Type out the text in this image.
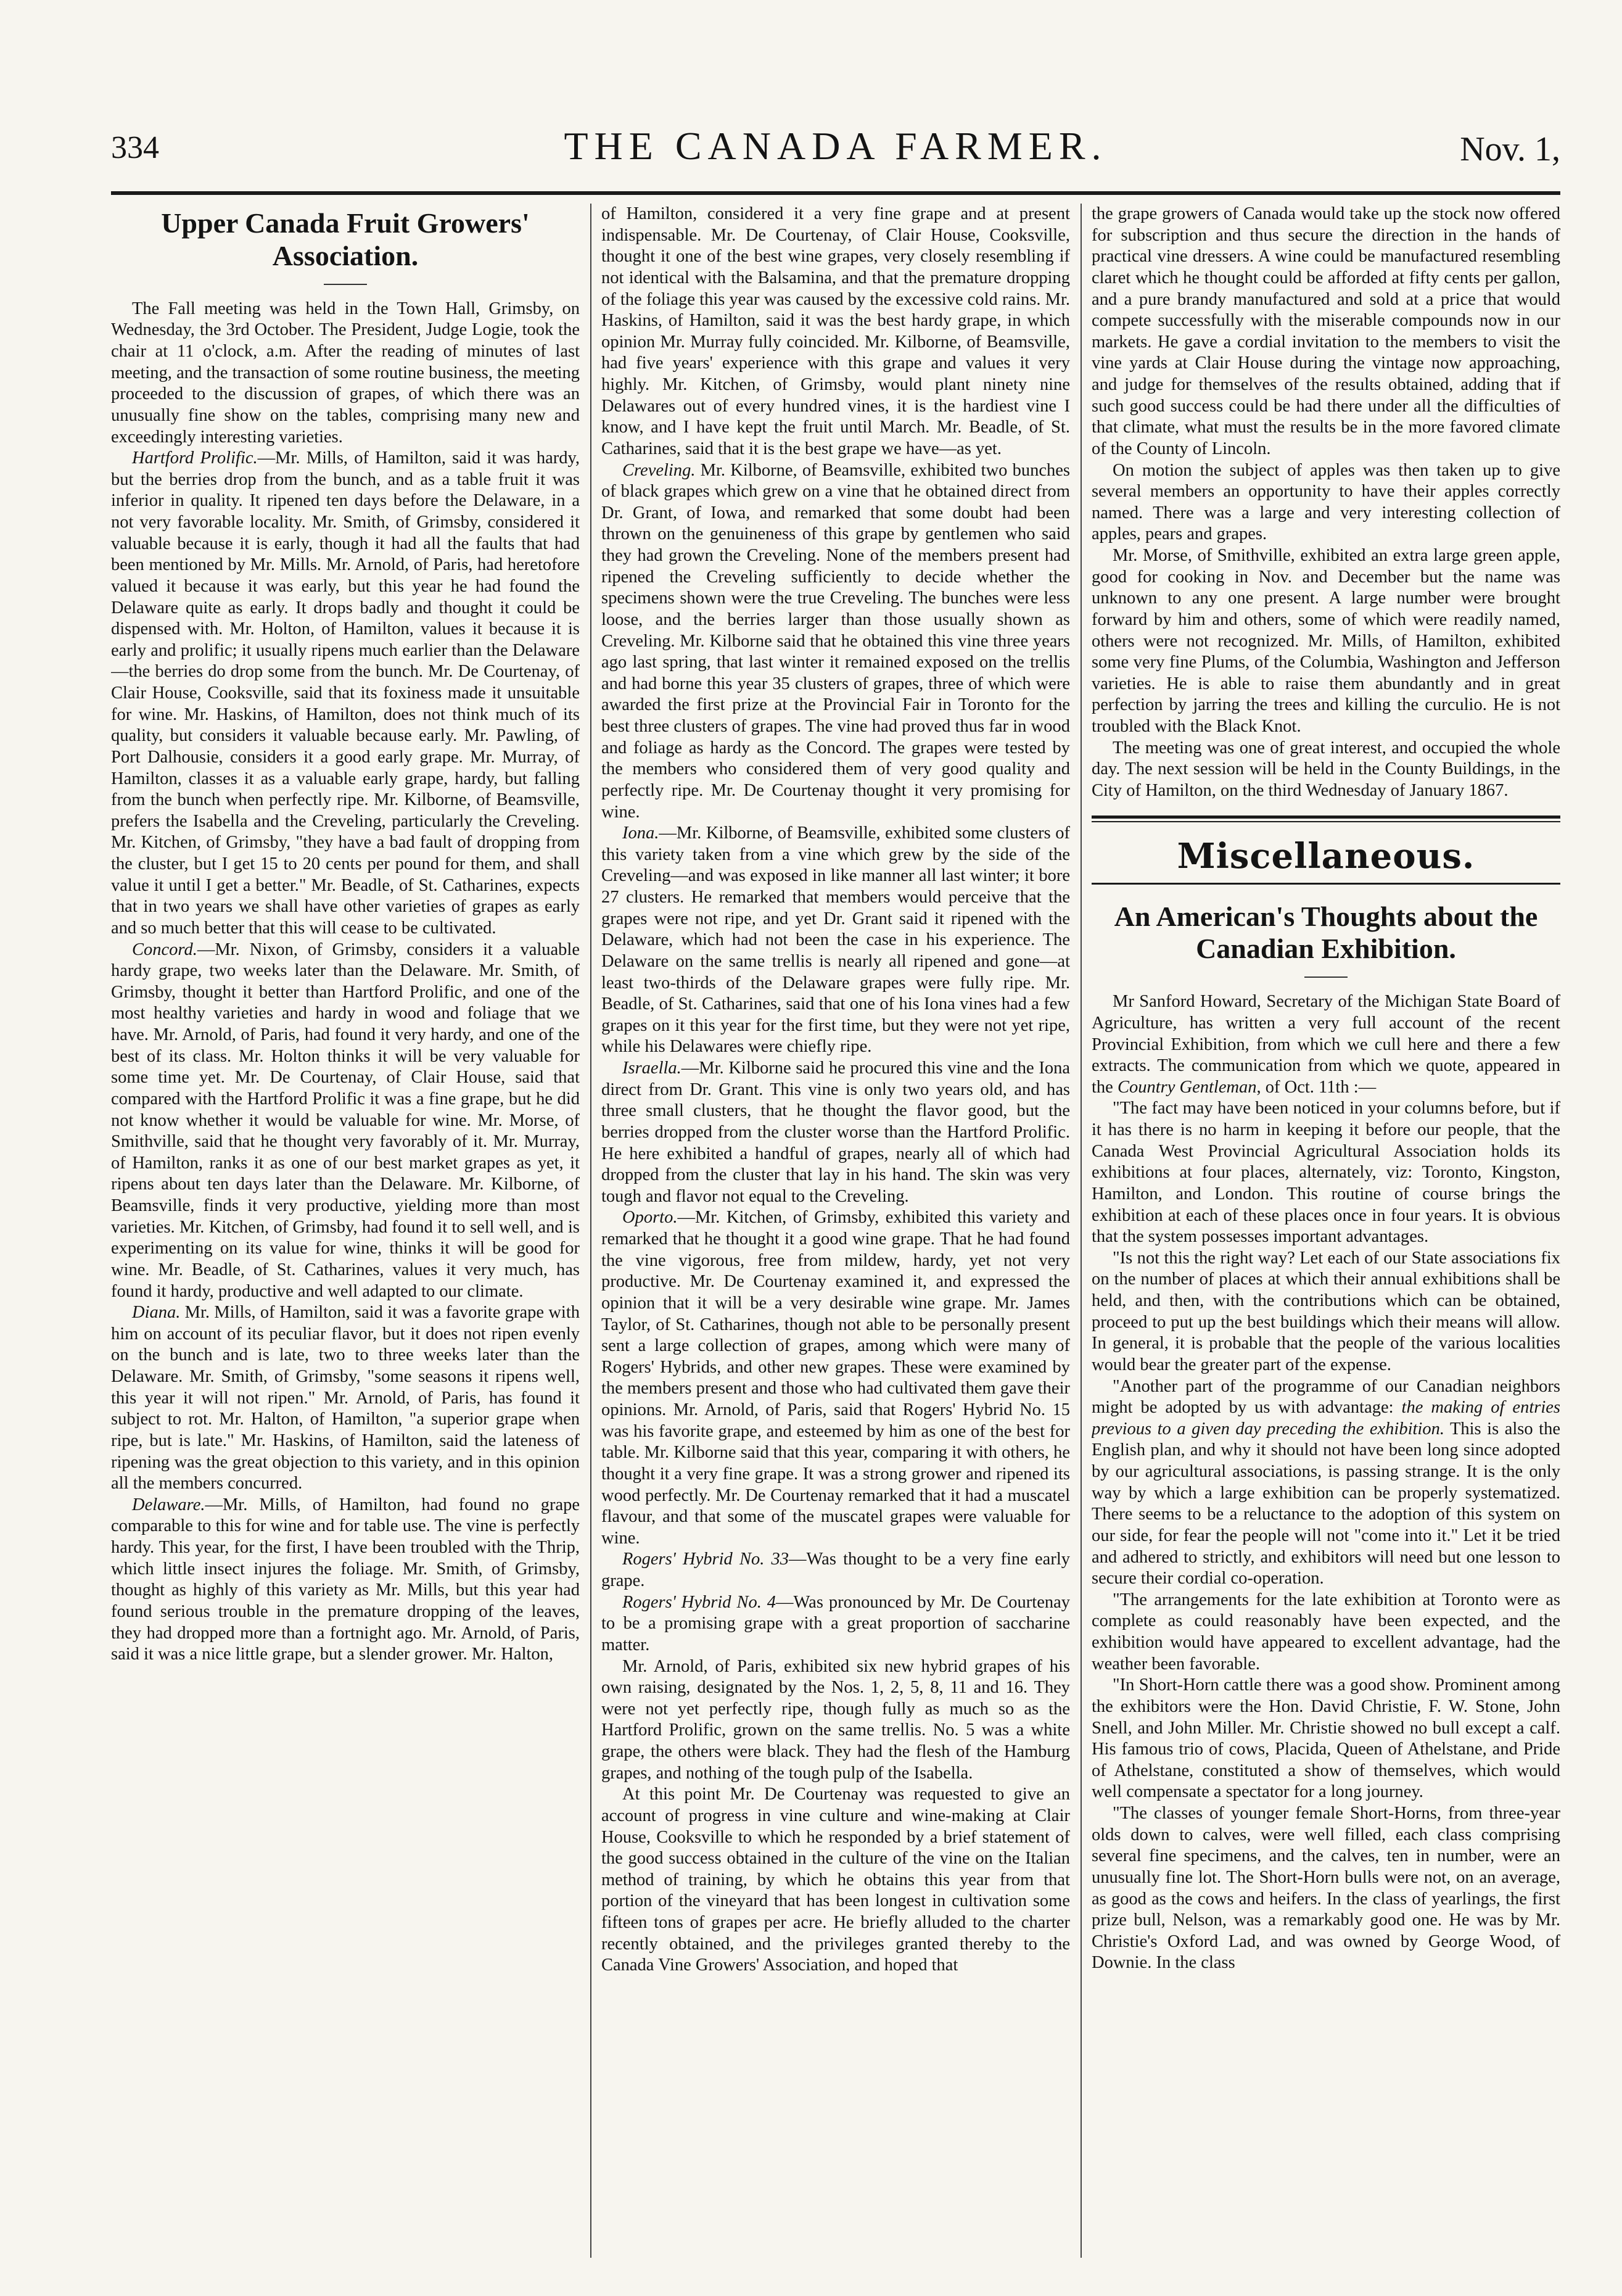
334	THE CANADA FARMER.	Nov. 1,
Upper Canada Fruit Growers' Association.

The Fall meeting was held in the Town Hall, Grimsby, on Wednesday, the 3rd October. The President, Judge Logie, took the chair at 11 o'clock, a.m. After the reading of minutes of last meeting, and the transaction of some routine business, the meeting proceeded to the discussion of grapes, of which there was an unusually fine show on the tables, comprising many new and exceedingly interesting varieties.

Hartford Prolific.—Mr. Mills, of Hamilton, said it was hardy, but the berries drop from the bunch, and as a table fruit it was inferior in quality. It ripened ten days before the Delaware, in a not very favorable locality. Mr. Smith, of Grimsby, considered it valuable because it is early, though it had all the faults that had been mentioned by Mr. Mills. Mr. Arnold, of Paris, had heretofore valued it because it was early, but this year he had found the Delaware quite as early. It drops badly and thought it could be dispensed with. Mr. Holton, of Hamilton, values it because it is early and prolific; it usually ripens much earlier than the Delaware—the berries do drop some from the bunch. Mr. De Courtenay, of Clair House, Cooksville, said that its foxiness made it unsuitable for wine. Mr. Haskins, of Hamilton, does not think much of its quality, but considers it valuable because early. Mr. Pawling, of Port Dalhousie, considers it a good early grape. Mr. Murray, of Hamilton, classes it as a valuable early grape, hardy, but falling from the bunch when perfectly ripe. Mr. Kilborne, of Beamsville, prefers the Isabella and the Creveling, particularly the Creveling. Mr. Kitchen, of Grimsby, "they have a bad fault of dropping from the cluster, but I get 15 to 20 cents per pound for them, and shall value it until I get a better." Mr. Beadle, of St. Catharines, expects that in two years we shall have other varieties of grapes as early and so much better that this will cease to be cultivated.

Concord.—Mr. Nixon, of Grimsby, considers it a valuable hardy grape, two weeks later than the Delaware. Mr. Smith, of Grimsby, thought it better than Hartford Prolific, and one of the most healthy varieties and hardy in wood and foliage that we have. Mr. Arnold, of Paris, had found it very hardy, and one of the best of its class. Mr. Holton thinks it will be very valuable for some time yet. Mr. De Courtenay, of Clair House, said that compared with the Hartford Prolific it was a fine grape, but he did not know whether it would be valuable for wine. Mr. Morse, of Smithville, said that he thought very favorably of it. Mr. Murray, of Hamilton, ranks it as one of our best market grapes as yet, it ripens about ten days later than the Delaware. Mr. Kilborne, of Beamsville, finds it very productive, yielding more than most varieties. Mr. Kitchen, of Grimsby, had found it to sell well, and is experimenting on its value for wine, thinks it will be good for wine. Mr. Beadle, of St. Catharines, values it very much, has found it hardy, productive and well adapted to our climate.

Diana. Mr. Mills, of Hamilton, said it was a favorite grape with him on account of its peculiar flavor, but it does not ripen evenly on the bunch and is late, two to three weeks later than the Delaware. Mr. Smith, of Grimsby, "some seasons it ripens well, this year it will not ripen." Mr. Arnold, of Paris, has found it subject to rot. Mr. Halton, of Hamilton, "a superior grape when ripe, but is late." Mr. Haskins, of Hamilton, said the lateness of ripening was the great objection to this variety, and in this opinion all the members concurred.

Delaware.—Mr. Mills, of Hamilton, had found no grape comparable to this for wine and for table use. The vine is perfectly hardy. This year, for the first, I have been troubled with the Thrip, which little insect injures the foliage. Mr. Smith, of Grimsby, thought as highly of this variety as Mr. Mills, but this year had found serious trouble in the premature dropping of the leaves, they had dropped more than a fortnight ago. Mr. Arnold, of Paris, said it was a nice little grape, but a slender grower. Mr. Halton,

of Hamilton, considered it a very fine grape and at present indispensable. Mr. De Courtenay, of Clair House, Cooksville, thought it one of the best wine grapes, very closely resembling if not identical with the Balsamina, and that the premature dropping of the foliage this year was caused by the excessive cold rains. Mr. Haskins, of Hamilton, said it was the best hardy grape, in which opinion Mr. Murray fully coincided. Mr. Kilborne, of Beamsville, had five years' experience with this grape and values it very highly. Mr. Kitchen, of Grimsby, would plant ninety nine Delawares out of every hundred vines, it is the hardiest vine I know, and I have kept the fruit until March. Mr. Beadle, of St. Catharines, said that it is the best grape we have—as yet.

Creveling. Mr. Kilborne, of Beamsville, exhibited two bunches of black grapes which grew on a vine that he obtained direct from Dr. Grant, of Iowa, and remarked that some doubt had been thrown on the genuineness of this grape by gentlemen who said they had grown the Creveling. None of the members present had ripened the Creveling sufficiently to decide whether the specimens shown were the true Creveling. The bunches were less loose, and the berries larger than those usually shown as Creveling. Mr. Kilborne said that he obtained this vine three years ago last spring, that last winter it remained exposed on the trellis and had borne this year 35 clusters of grapes, three of which were awarded the first prize at the Provincial Fair in Toronto for the best three clusters of grapes. The vine had proved thus far in wood and foliage as hardy as the Concord. The grapes were tested by the members who considered them of very good quality and perfectly ripe. Mr. De Courtenay thought it very promising for wine.

Iona.—Mr. Kilborne, of Beamsville, exhibited some clusters of this variety taken from a vine which grew by the side of the Creveling—and was exposed in like manner all last winter; it bore 27 clusters. He remarked that members would perceive that the grapes were not ripe, and yet Dr. Grant said it ripened with the Delaware, which had not been the case in his experience. The Delaware on the same trellis is nearly all ripened and gone—at least two-thirds of the Delaware grapes were fully ripe. Mr. Beadle, of St. Catharines, said that one of his Iona vines had a few grapes on it this year for the first time, but they were not yet ripe, while his Delawares were chiefly ripe.

Israella.—Mr. Kilborne said he procured this vine and the Iona direct from Dr. Grant. This vine is only two years old, and has three small clusters, that he thought the flavor good, but the berries dropped from the cluster worse than the Hartford Prolific. He here exhibited a handful of grapes, nearly all of which had dropped from the cluster that lay in his hand. The skin was very tough and flavor not equal to the Creveling.

Oporto.—Mr. Kitchen, of Grimsby, exhibited this variety and remarked that he thought it a good wine grape. That he had found the vine vigorous, free from mildew, hardy, yet not very productive. Mr. De Courtenay examined it, and expressed the opinion that it will be a very desirable wine grape. Mr. James Taylor, of St. Catharines, though not able to be personally present sent a large collection of grapes, among which were many of Rogers' Hybrids, and other new grapes. These were examined by the members present and those who had cultivated them gave their opinions. Mr. Arnold, of Paris, said that Rogers' Hybrid No. 15 was his favorite grape, and esteemed by him as one of the best for table. Mr. Kilborne said that this year, comparing it with others, he thought it a very fine grape. It was a strong grower and ripened its wood perfectly. Mr. De Courtenay remarked that it had a muscatel flavour, and that some of the muscatel grapes were valuable for wine.

Rogers' Hybrid No. 33—Was thought to be a very fine early grape.

Rogers' Hybrid No. 4—Was pronounced by Mr. De Courtenay to be a promising grape with a great proportion of saccharine matter.

Mr. Arnold, of Paris, exhibited six new hybrid grapes of his own raising, designated by the Nos. 1, 2, 5, 8, 11 and 16. They were not yet perfectly ripe, though fully as much so as the Hartford Prolific, grown on the same trellis. No. 5 was a white grape, the others were black. They had the flesh of the Hamburg grapes, and nothing of the tough pulp of the Isabella.

At this point Mr. De Courtenay was requested to give an account of progress in vine culture and wine-making at Clair House, Cooksville to which he responded by a brief statement of the good success obtained in the culture of the vine on the Italian method of training, by which he obtains this year from that portion of the vineyard that has been longest in cultivation some fifteen tons of grapes per acre. He briefly alluded to the charter recently obtained, and the privileges granted thereby to the Canada Vine Growers' Association, and hoped that

the grape growers of Canada would take up the stock now offered for subscription and thus secure the direction in the hands of practical vine dressers. A wine could be manufactured resembling claret which he thought could be afforded at fifty cents per gallon, and a pure brandy manufactured and sold at a price that would compete successfully with the miserable compounds now in our markets. He gave a cordial invitation to the members to visit the vine yards at Clair House during the vintage now approaching, and judge for themselves of the results obtained, adding that if such good success could be had there under all the difficulties of that climate, what must the results be in the more favored climate of the County of Lincoln.

On motion the subject of apples was then taken up to give several members an opportunity to have their apples correctly named. There was a large and very interesting collection of apples, pears and grapes.

Mr. Morse, of Smithville, exhibited an extra large green apple, good for cooking in Nov. and December but the name was unknown to any one present. A large number were brought forward by him and others, some of which were readily named, others were not recognized. Mr. Mills, of Hamilton, exhibited some very fine Plums, of the Columbia, Washington and Jefferson varieties. He is able to raise them abundantly and in great perfection by jarring the trees and killing the curculio. He is not troubled with the Black Knot.

The meeting was one of great interest, and occupied the whole day. The next session will be held in the County Buildings, in the City of Hamilton, on the third Wednesday of January 1867.

Miscellaneous.
An American's Thoughts about the Canadian Exhibition.

Mr Sanford Howard, Secretary of the Michigan State Board of Agriculture, has written a very full account of the recent Provincial Exhibition, from which we cull here and there a few extracts. The communication from which we quote, appeared in the Country Gentleman, of Oct. 11th :—

"The fact may have been noticed in your columns before, but if it has there is no harm in keeping it before our people, that the Canada West Provincial Agricultural Association holds its exhibitions at four places, alternately, viz: Toronto, Kingston, Hamilton, and London. This routine of course brings the exhibition at each of these places once in four years. It is obvious that the system possesses important advantages.

"Is not this the right way? Let each of our State associations fix on the number of places at which their annual exhibitions shall be held, and then, with the contributions which can be obtained, proceed to put up the best buildings which their means will allow. In general, it is probable that the people of the various localities would bear the greater part of the expense.

"Another part of the programme of our Canadian neighbors might be adopted by us with advantage: the making of entries previous to a given day preceding the exhibition. This is also the English plan, and why it should not have been long since adopted by our agricultural associations, is passing strange. It is the only way by which a large exhibition can be properly systematized. There seems to be a reluctance to the adoption of this system on our side, for fear the people will not "come into it." Let it be tried and adhered to strictly, and exhibitors will need but one lesson to secure their cordial co-operation.

"The arrangements for the late exhibition at Toronto were as complete as could reasonably have been expected, and the exhibition would have appeared to excellent advantage, had the weather been favorable.

"In Short-Horn cattle there was a good show. Prominent among the exhibitors were the Hon. David Christie, F. W. Stone, John Snell, and John Miller. Mr. Christie showed no bull except a calf. His famous trio of cows, Placida, Queen of Athelstane, and Pride of Athelstane, constituted a show of themselves, which would well compensate a spectator for a long journey.

"The classes of younger female Short-Horns, from three-year olds down to calves, were well filled, each class comprising several fine specimens, and the calves, ten in number, were an unusually fine lot. The Short-Horn bulls were not, on an average, as good as the cows and heifers. In the class of yearlings, the first prize bull, Nelson, was a remarkably good one. He was by Mr. Christie's Oxford Lad, and was owned by George Wood, of Downie. In the class
